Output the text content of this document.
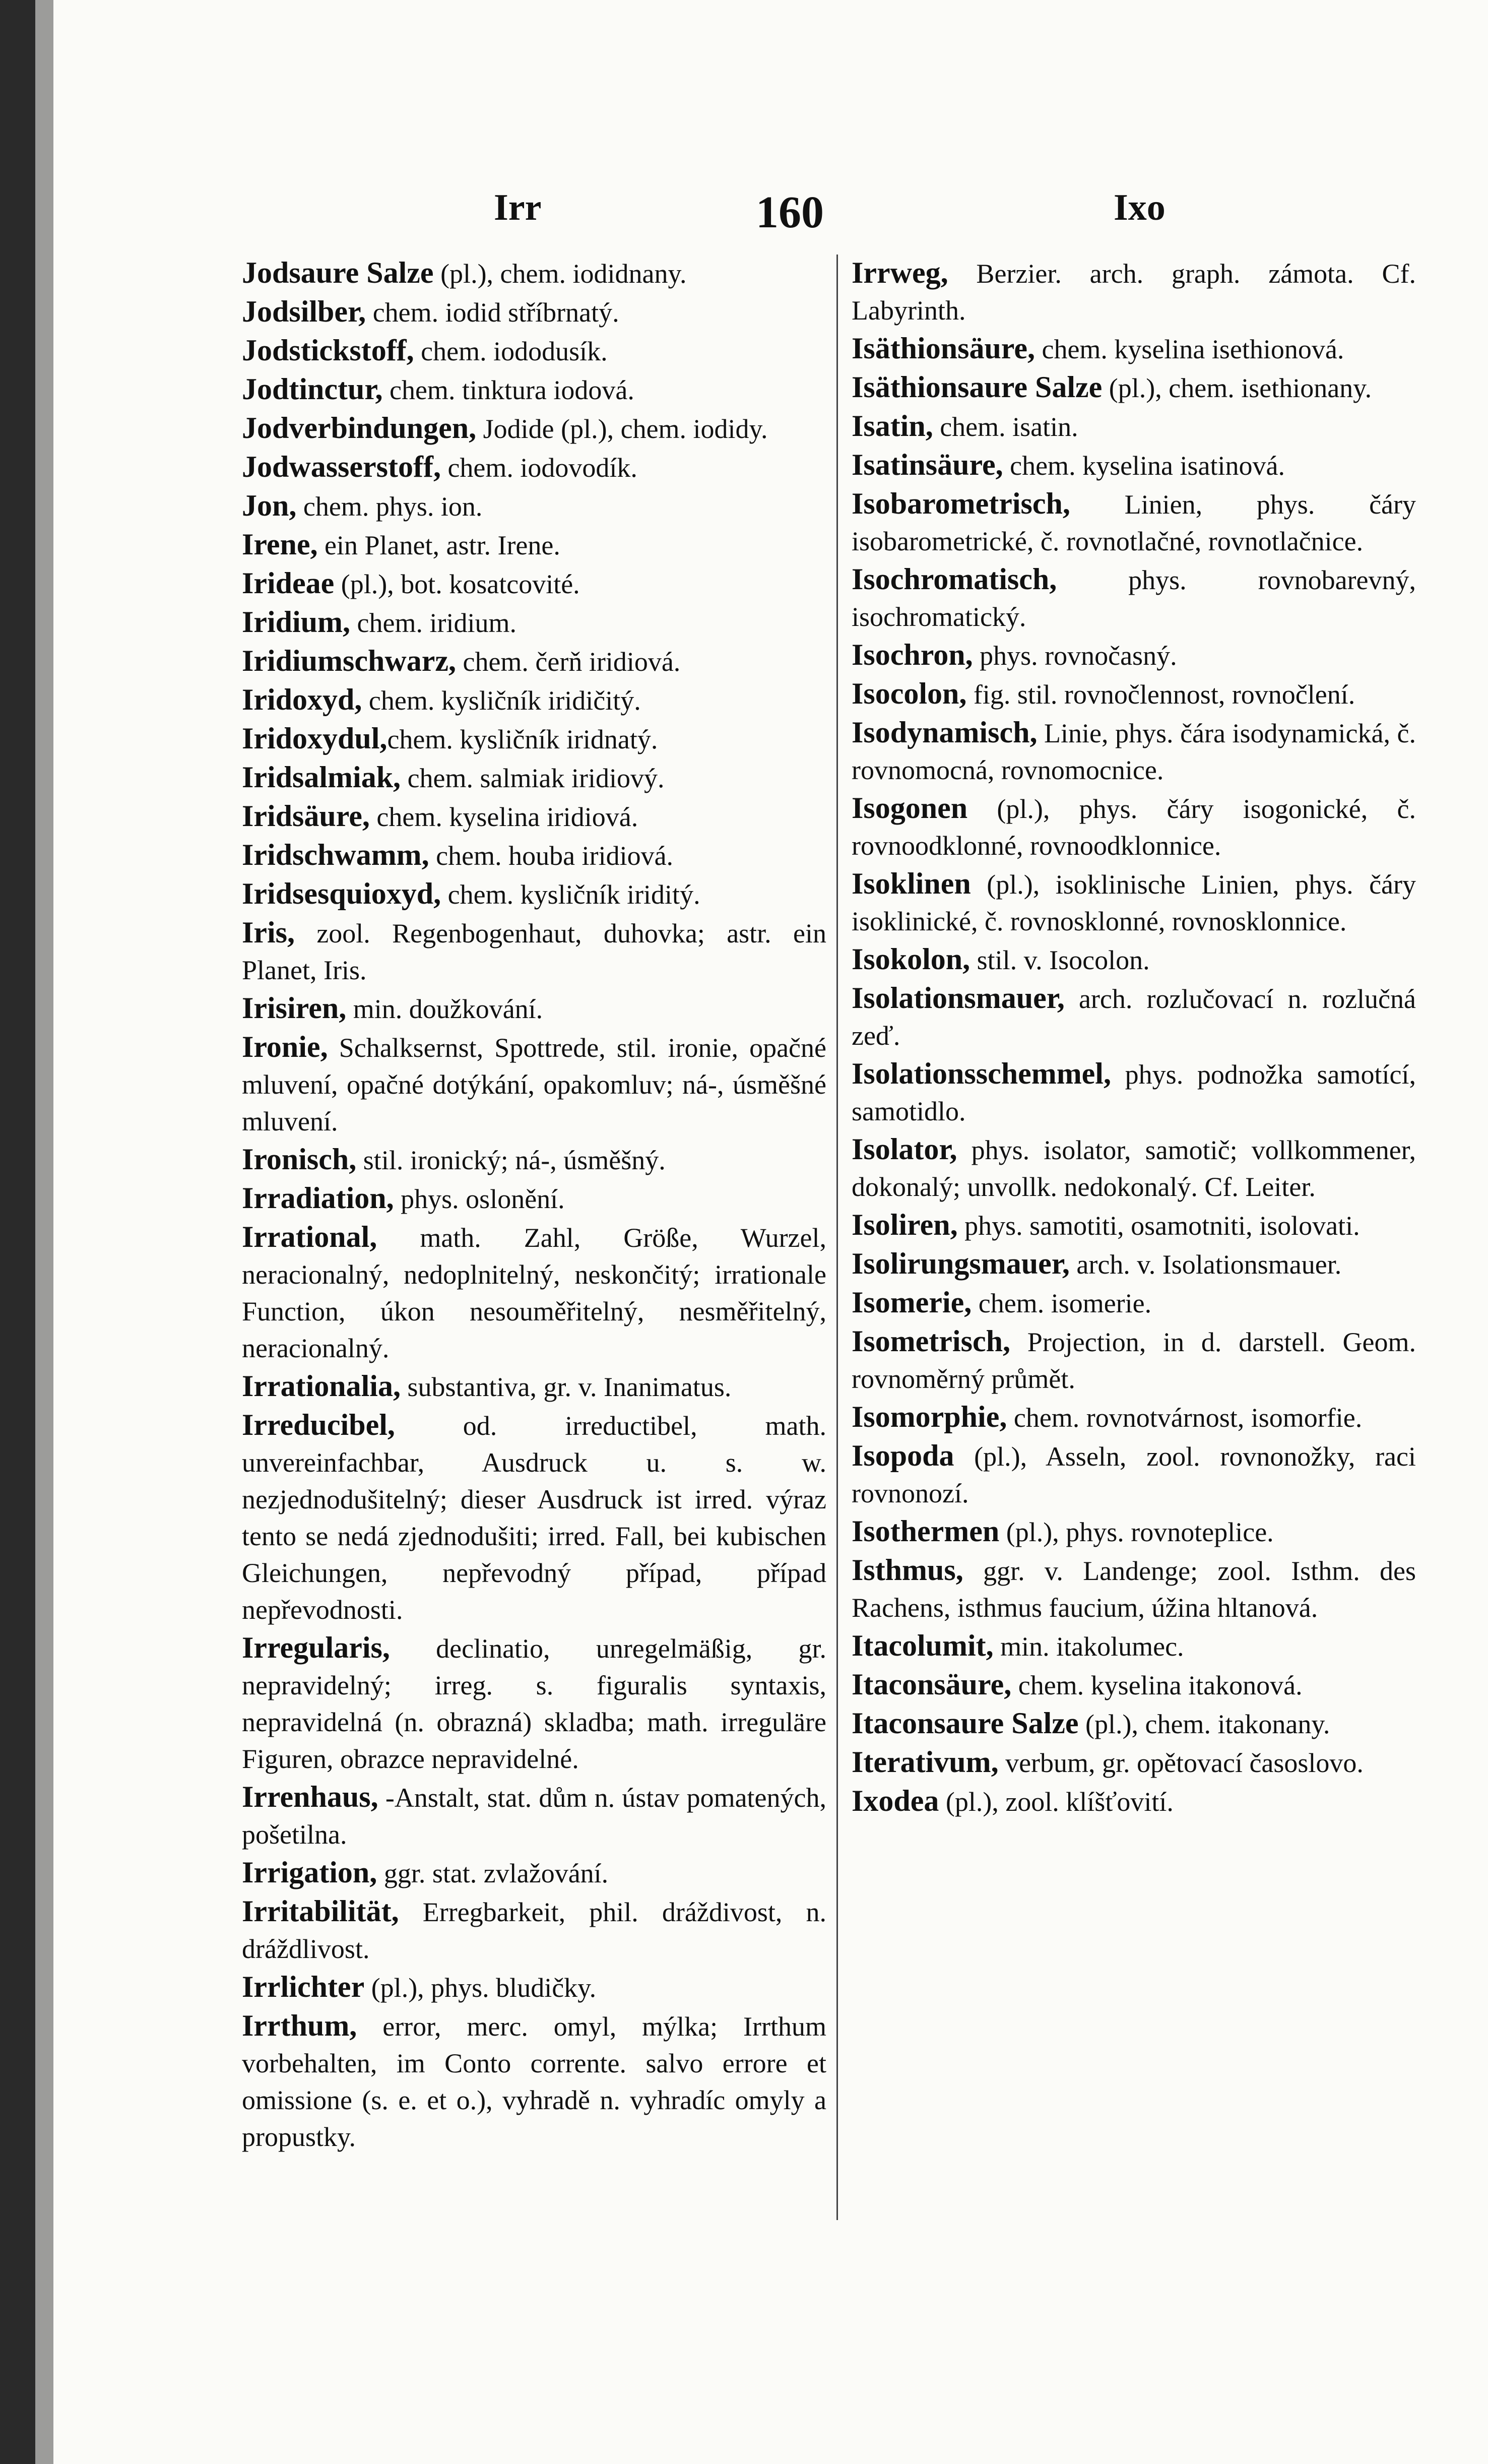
Irr	160	Ixo
Jodsaure Salze (pl.), chem. iodidnany.
Jodsilber, chem. iodid stříbrnatý.
Jodstickstoff, chem. iododusík.
Jodtinctur, chem. tinktura iodová.
Jodverbindungen, Jodide (pl.), chem. iodidy.
Jodwasserstoff, chem. iodovodík.
Jon, chem. phys. ion.
Irene, ein Planet, astr. Irene.
Irideae (pl.), bot. kosatcovité.
Iridium, chem. iridium.
Iridiumschwarz, chem. čerň iridiová.
Iridoxyd, chem. kysličník iridičitý.
Iridoxydul,chem. kysličník iridnatý.
Iridsalmiak, chem. salmiak iridiový.
Iridsäure, chem. kyselina iridiová.
Iridschwamm, chem. houba iridiová.
Iridsesquioxyd, chem. kysličník iriditý.
Iris, zool. Regenbogenhaut, duhovka; astr. ein Planet, Iris.
Irisiren, min. doužkování.
Ironie, Schalksernst, Spottrede, stil. ironie, opačné mluvení, opačné dotýkání, opakomluv; ná-, úsměšné mluvení.
Ironisch, stil. ironický; ná-, úsměšný.
Irradiation, phys. oslonění.
Irrational, math. Zahl, Größe, Wurzel, neracionalný, nedoplnitelný, neskončitý; irrationale Function, úkon nesouměřitelný, nesměřitelný, neracionalný.
Irrationalia, substantiva, gr. v. Inanimatus.
Irreducibel, od. irreductibel, math. unvereinfachbar, Ausdruck u. s. w. nezjednodušitelný; dieser Ausdruck ist irred. výraz tento se nedá zjednodušiti; irred. Fall, bei kubischen Gleichungen, nepřevodný případ, případ nepřevodnosti.
Irregularis, declinatio, unregelmäßig, gr. nepravidelný; irreg. s. figuralis syntaxis, nepravidelná (n. obrazná) skladba; math. irreguläre Figuren, obrazce nepravidelné.
Irrenhaus, -Anstalt, stat. dům n. ústav pomatených, pošetilna.
Irrigation, ggr. stat. zvlažování.
Irritabilität, Erregbarkeit, phil. dráždivost, n. dráždlivost.
Irrlichter (pl.), phys. bludičky.
Irrthum, error, merc. omyl, mýlka; Irrthum vorbehalten, im Conto corrente. salvo errore et omissione (s. e. et o.), vyhradě n. vyhradíc omyly a propustky.
Irrweg, Berzier. arch. graph. zámota. Cf. Labyrinth.
Isäthionsäure, chem. kyselina isethionová.
Isäthionsaure Salze (pl.), chem. isethionany.
Isatin, chem. isatin.
Isatinsäure, chem. kyselina isatinová.
Isobarometrisch, Linien, phys. čáry isobarometrické, č. rovnotlačné, rovnotlačnice.
Isochromatisch, phys. rovnobarevný, isochromatický.
Isochron, phys. rovnočasný.
Isocolon, fig. stil. rovnočlennost, rovnočlení.
Isodynamisch, Linie, phys. čára isodynamická, č. rovnomocná, rovnomocnice.
Isogonen (pl.), phys. čáry isogonické, č. rovnoodklonné, rovnoodklonnice.
Isoklinen (pl.), isoklinische Linien, phys. čáry isoklinické, č. rovnosklonné, rovnosklonnice.
Isokolon, stil. v. Isocolon.
Isolationsmauer, arch. rozlučovací n. rozlučná zeď.
Isolationsschemmel, phys. podnožka samotící, samotidlo.
Isolator, phys. isolator, samotič; vollkommener, dokonalý; unvollk. nedokonalý. Cf. Leiter.
Isoliren, phys. samotiti, osamotniti, isolovati.
Isolirungsmauer, arch. v. Isolationsmauer.
Isomerie, chem. isomerie.
Isometrisch, Projection, in d. darstell. Geom. rovnoměrný průmět.
Isomorphie, chem. rovnotvárnost, isomorfie.
Isopoda (pl.), Asseln, zool. rovnonožky, raci rovnonozí.
Isothermen (pl.), phys. rovnoteplice.
Isthmus, ggr. v. Landenge; zool. Isthm. des Rachens, isthmus faucium, úžina hltanová.
Itacolumit, min. itakolumec.
Itaconsäure, chem. kyselina itakonová.
Itaconsaure Salze (pl.), chem. itakonany.
Iterativum, verbum, gr. opětovací časoslovo.
Ixodea (pl.), zool. klíšťovití.
